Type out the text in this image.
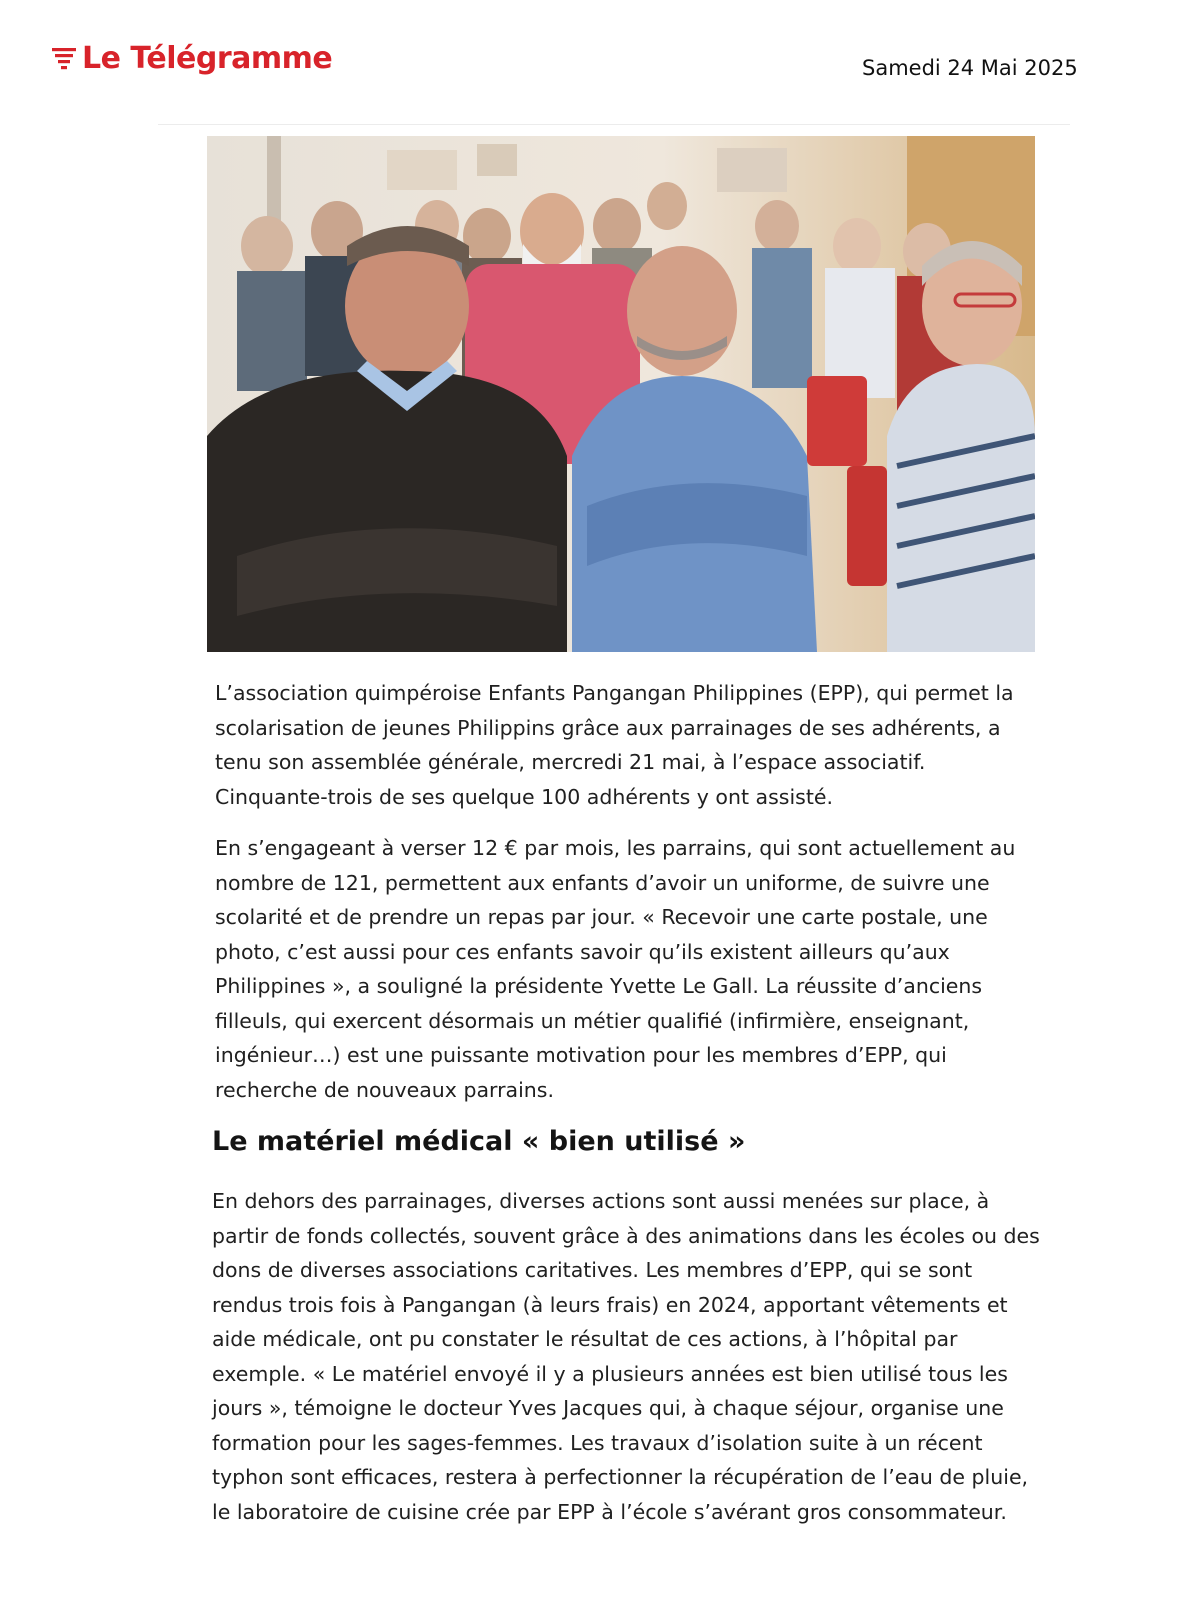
Le Télégramme	Samedi 24 Mai 2025

L’association quimpéroise Enfants Pangangan Philippines (EPP), qui permet la scolarisation de jeunes Philippins grâce aux parrainages de ses adhérents, a tenu son assemblée générale, mercredi 21 mai, à l’espace associatif. Cinquante-trois de ses quelque 100 adhérents y ont assisté.

En s’engageant à verser 12 € par mois, les parrains, qui sont actuellement au nombre de 121, permettent aux enfants d’avoir un uniforme, de suivre une scolarité et de prendre un repas par jour. « Recevoir une carte postale, une photo, c’est aussi pour ces enfants savoir qu’ils existent ailleurs qu’aux Philippines », a souligné la présidente Yvette Le Gall. La réussite d’anciens filleuls, qui exercent désormais un métier qualifié (infirmière, enseignant, ingénieur…) est une puissante motivation pour les membres d’EPP, qui recherche de nouveaux parrains.

Le matériel médical « bien utilisé »

En dehors des parrainages, diverses actions sont aussi menées sur place, à partir de fonds collectés, souvent grâce à des animations dans les écoles ou des dons de diverses associations caritatives. Les membres d’EPP, qui se sont rendus trois fois à Pangangan (à leurs frais) en 2024, apportant vêtements et aide médicale, ont pu constater le résultat de ces actions, à l’hôpital par exemple. « Le matériel envoyé il y a plusieurs années est bien utilisé tous les jours », témoigne le docteur Yves Jacques qui, à chaque séjour, organise une formation pour les sages-femmes. Les travaux d’isolation suite à un récent typhon sont efficaces, restera à perfectionner la récupération de l’eau de pluie, le laboratoire de cuisine crée par EPP à l’école s’avérant gros consommateur.
